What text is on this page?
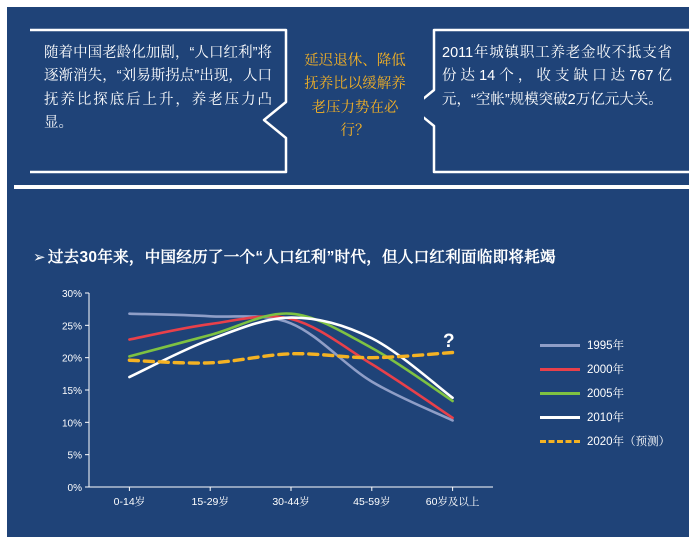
随着中国老龄化加剧，“人口红利”将逐渐消失，“刘易斯拐点”出现，人口抚养比探底后上升，养老压力凸显。
延迟退休、降低抚养比以缓解养老压力势在必行？
2011年城镇职工养老金收不抵支省份达14个，收支缺口达767亿元，“空帐”规模突破2万亿元大关。
➢ 过去30年来，中国经历了一个“人口红利”时代，但人口红利面临即将耗竭
0%
5%
10%
15%
20%
25%
30%
0-14岁	15-29岁	30-44岁	45-59岁	60岁及以上
1995年
2000年
2005年
2010年
2020年（预测）
?
